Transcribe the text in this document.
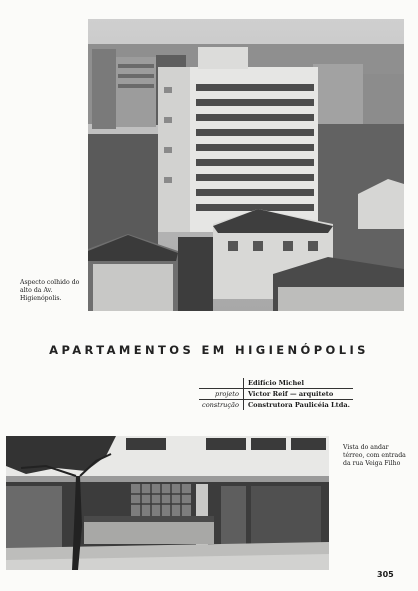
Aspecto colhido do alto da Av. Higienópolis.
APARTAMENTOS EM HIGIENÓPOLIS
	Edifício Michel
projeto	Victor Reif — arquiteto
construção	Construtora Paulicéia Ltda.
Vista do andar térreo, com entrada da rua Veiga Filho
305
